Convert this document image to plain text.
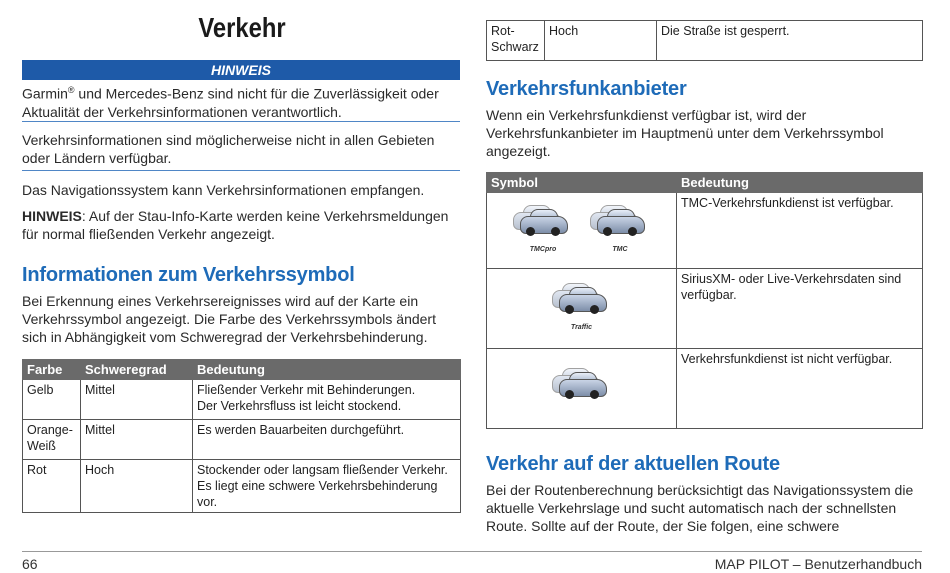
Verkehr
HINWEIS

Garmin® und Mercedes-Benz sind nicht für die Zuverlässigkeit oder Aktualität der Verkehrsinformationen verantwortlich.

Verkehrsinformationen sind möglicherweise nicht in allen Gebieten oder Ländern verfügbar.

Das Navigationssystem kann Verkehrsinformationen empfangen.

HINWEIS: Auf der Stau-Info-Karte werden keine Verkehrsmeldungen für normal fließenden Verkehr angezeigt.

Informationen zum Verkehrssymbol

Bei Erkennung eines Verkehrsereignisses wird auf der Karte ein Verkehrssymbol angezeigt. Die Farbe des Verkehrssymbols ändert sich in Abhängigkeit vom Schweregrad der Verkehrsbehinderung.

Farbe	Schweregrad	Bedeutung
Gelb	Mittel	Fließender Verkehr mit Behinderungen.
Der Verkehrsfluss ist leicht stockend.

Orange-Weiß	Mittel	Es werden Bauarbeiten durchgeführt.

Rot	Hoch	Stockender oder langsam fließender Verkehr.
Es liegt eine schwere Verkehrsbehinderung vor.
Rot-Schwarz	Hoch	Die Straße ist gesperrt.
Verkehrsfunkanbieter

Wenn ein Verkehrsfunkdienst verfügbar ist, wird der Verkehrsfunkanbieter im Hauptmenü unter dem Verkehrssymbol angezeigt.

Symbol	Bedeutung

TMCpro
TMC	TMC-Verkehrsfunkdienst ist verfügbar.

Traffic	SiriusXM- oder Live-Verkehrsdaten sind verfügbar.

	Verkehrsfunkdienst ist nicht verfügbar.
Verkehr auf der aktuellen Route

Bei der Routenberechnung berücksichtigt das Navigationssystem die aktuelle Verkehrslage und sucht automatisch nach der schnellsten Route. Sollte auf der Route, der Sie folgen, eine schwere

66	MAP PILOT – Benutzerhandbuch
